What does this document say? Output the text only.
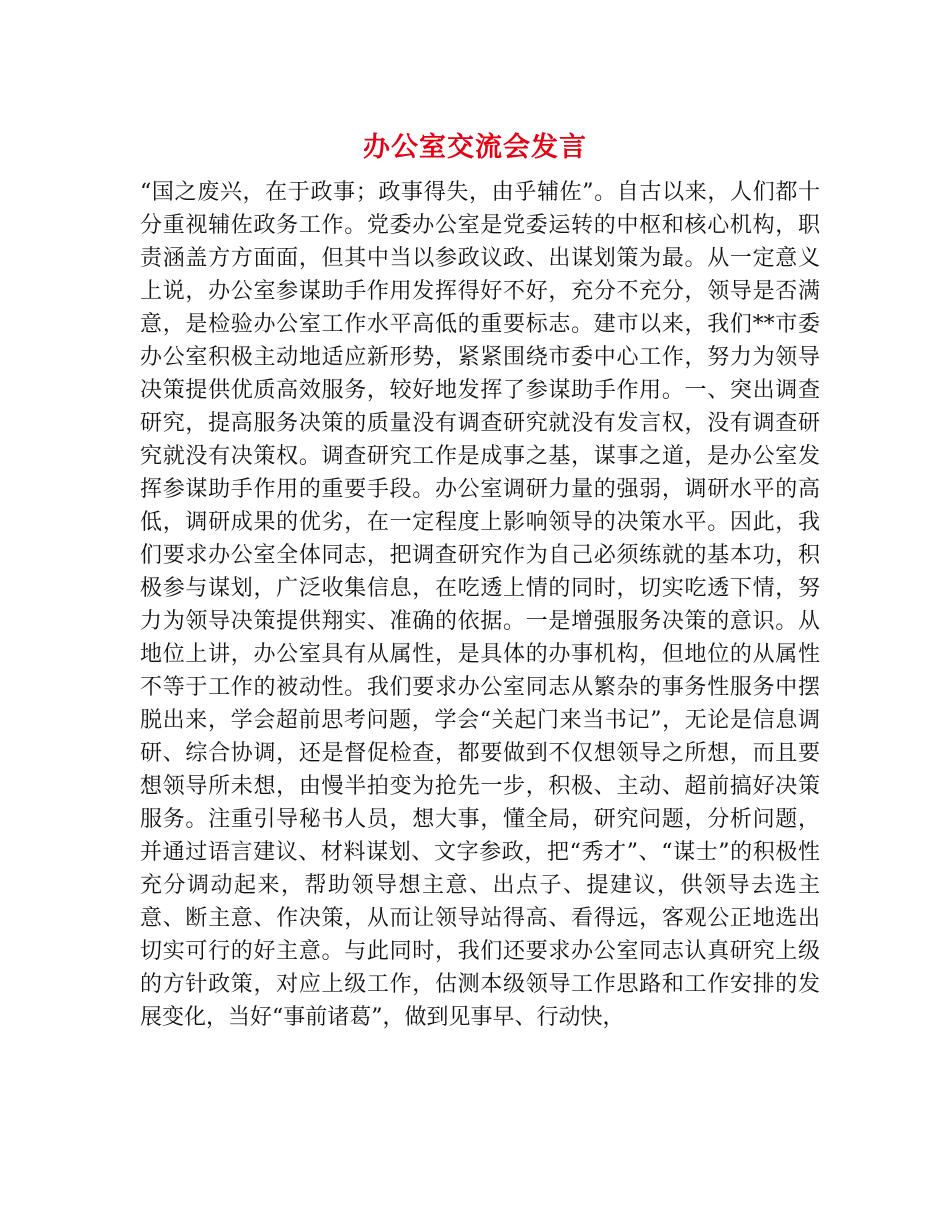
办公室交流会发言

“国之废兴，在于政事；政事得失，由乎辅佐”。自古以来，人们都十分重视辅佐政务工作。党委办公室是党委运转的中枢和核心机构，职责涵盖方方面面，但其中当以参政议政、出谋划策为最。从一定意义上说，办公室参谋助手作用发挥得好不好，充分不充分，领导是否满意，是检验办公室工作水平高低的重要标志。建市以来，我们**市委办公室积极主动地适应新形势，紧紧围绕市委中心工作，努力为领导决策提供优质高效服务，较好地发挥了参谋助手作用。一、突出调查研究，提高服务决策的质量没有调查研究就没有发言权，没有调查研究就没有决策权。调查研究工作是成事之基，谋事之道，是办公室发挥参谋助手作用的重要手段。办公室调研力量的强弱，调研水平的高低，调研成果的优劣，在一定程度上影响领导的决策水平。因此，我们要求办公室全体同志，把调查研究作为自己必须练就的基本功，积极参与谋划，广泛收集信息，在吃透上情的同时，切实吃透下情，努力为领导决策提供翔实、准确的依据。一是增强服务决策的意识。从地位上讲，办公室具有从属性，是具体的办事机构，但地位的从属性不等于工作的被动性。我们要求办公室同志从繁杂的事务性服务中摆脱出来，学会超前思考问题，学会“关起门来当书记”，无论是信息调研、综合协调，还是督促检查，都要做到不仅想领导之所想，而且要想领导所未想，由慢半拍变为抢先一步，积极、主动、超前搞好决策服务。注重引导秘书人员，想大事，懂全局，研究问题，分析问题，并通过语言建议、材料谋划、文字参政，把“秀才”、“谋士”的积极性充分调动起来，帮助领导想主意、出点子、提建议，供领导去选主意、断主意、作决策，从而让领导站得高、看得远，客观公正地选出切实可行的好主意。与此同时，我们还要求办公室同志认真研究上级的方针政策，对应上级工作，估测本级领导工作思路和工作安排的发展变化，当好“事前诸葛”，做到见事早、行动快，
